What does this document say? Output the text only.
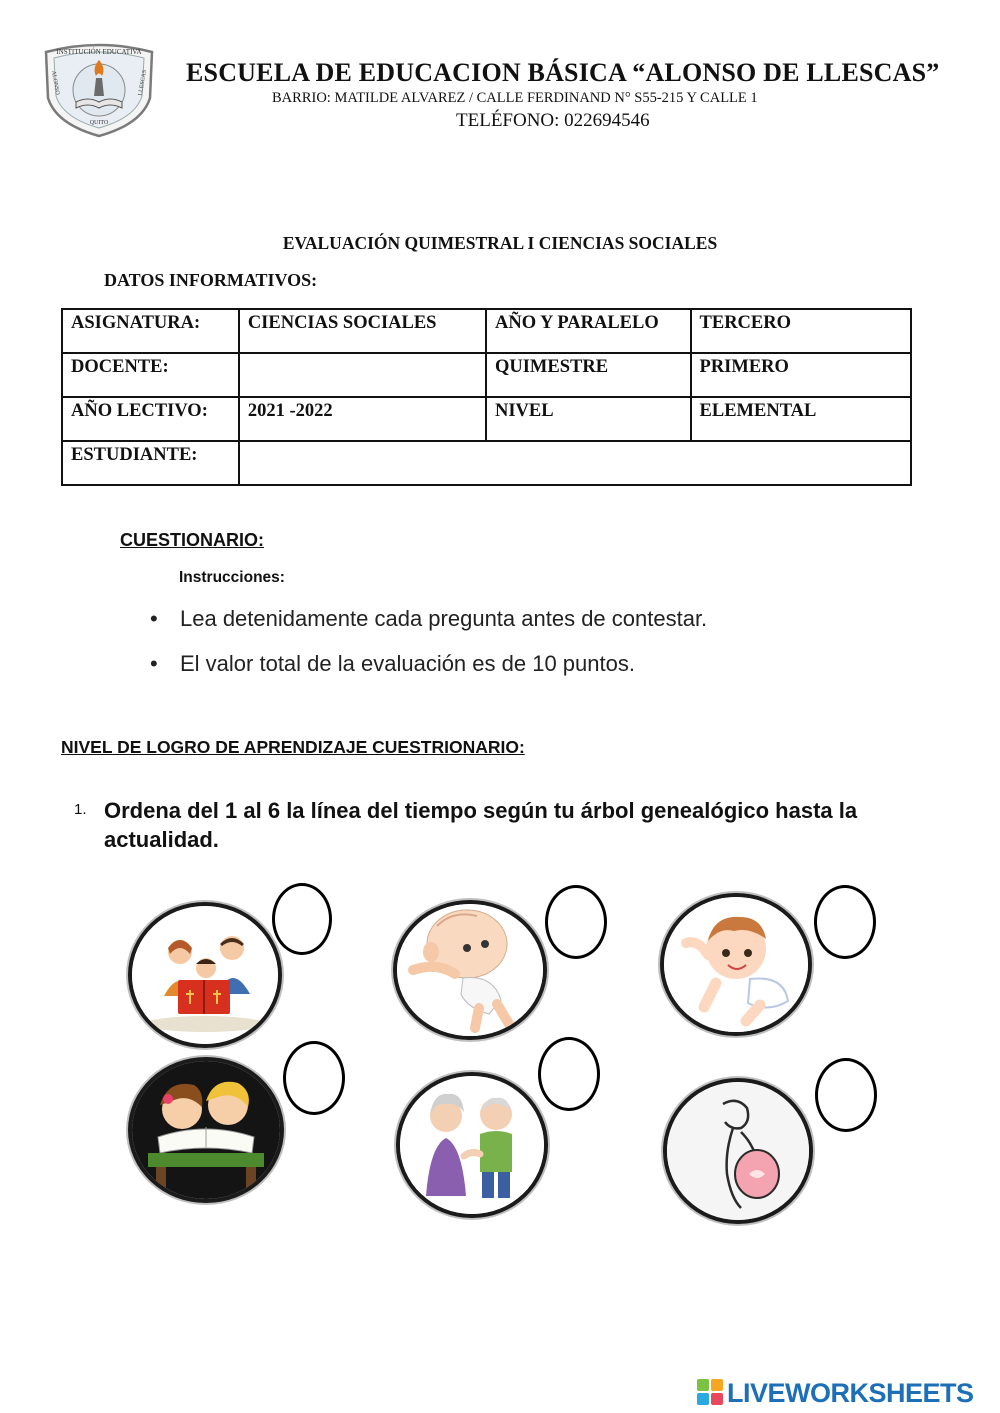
INSTITUCIÓN EDUCATIVA
QUITO
ALONSO	LLESCAS ESCUELA DE EDUCACION BÁSICA “ALONSO DE LLESCAS”
BARRIO: MATILDE ALVAREZ / CALLE FERDINAND N° S55-215 Y CALLE 1
TELÉFONO: 022694546
EVALUACIÓN QUIMESTRAL I CIENCIAS SOCIALES
DATOS INFORMATIVOS:
ASIGNATURA:	CIENCIAS SOCIALES	AÑO Y PARALELO	TERCERO
DOCENTE:		QUIMESTRE	PRIMERO
AÑO LECTIVO:	2021 -2022	NIVEL	ELEMENTAL
ESTUDIANTE:			
CUESTIONARIO:
Instrucciones:
• Lea detenidamente cada pregunta antes de contestar.
• El valor total de la evaluación es de 10 puntos.
NIVEL DE LOGRO DE APRENDIZAJE CUESTRIONARIO:
1. Ordena del 1 al 6 la línea del tiempo según tu árbol genealógico hasta la actualidad.
LIVEWORKSHEETS
